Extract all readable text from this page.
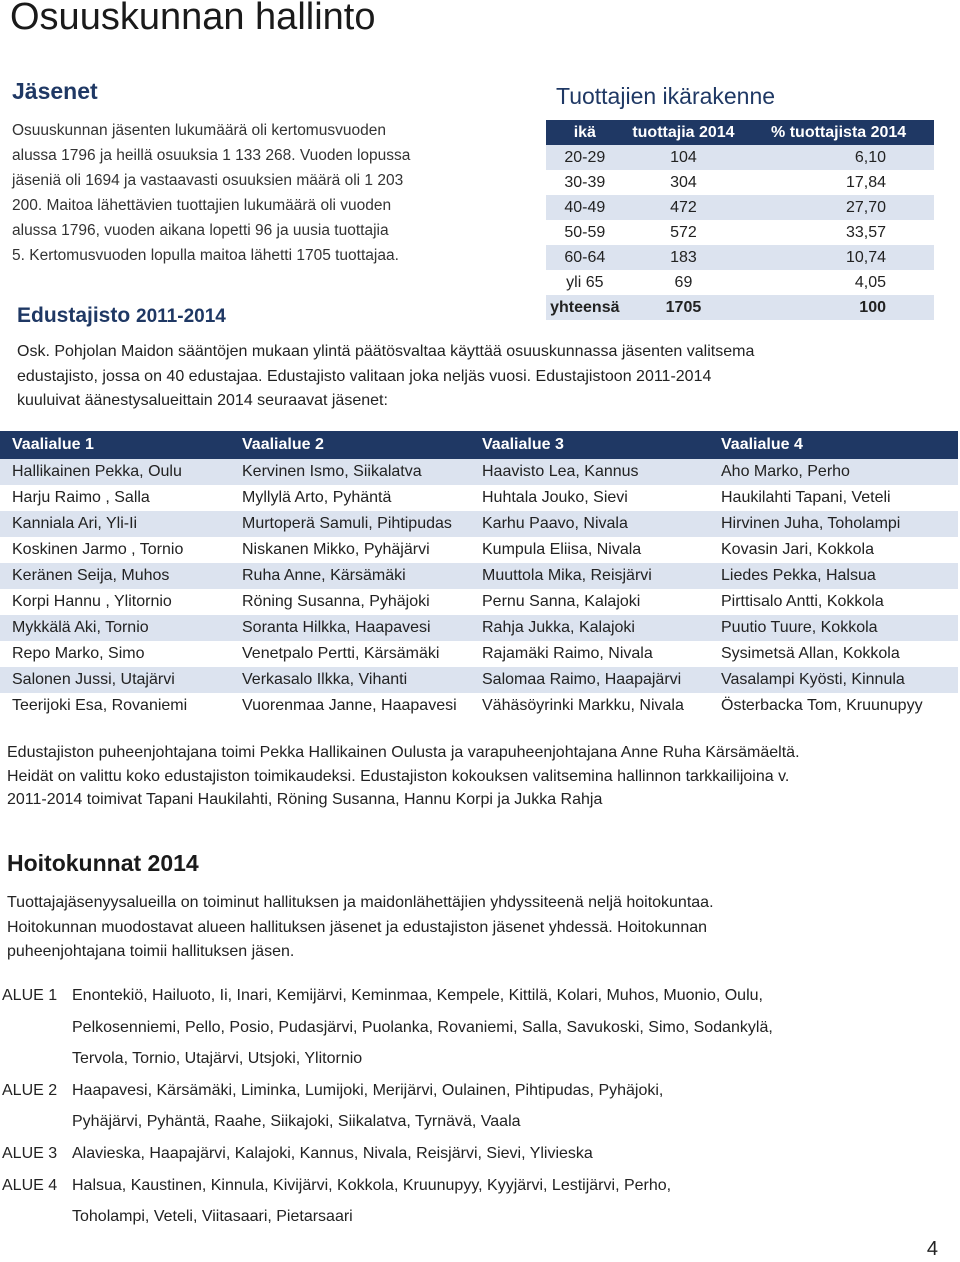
Osuuskunnan hallinto
Jäsenet
Osuuskunnan jäsenten lukumäärä oli kertomusvuoden
alussa 1796 ja heillä osuuksia 1 133 268. Vuoden lopussa
jäseniä oli 1694 ja vastaavasti osuuksien määrä oli 1 203
200. Maitoa lähettävien tuottajien lukumäärä oli vuoden
alussa 1796, vuoden aikana lopetti 96 ja uusia tuottajia
5. Kertomusvuoden lopulla maitoa lähetti 1705 tuottajaa.
Tuottajien ikärakenne
ikä	tuottajia 2014	% tuottajista 2014
20-29	104	6,10
30-39	304	17,84
40-49	472	27,70
50-59	572	33,57
60-64	183	10,74
yli 65	69	4,05
yhteensä	1705	100
Edustajisto 2011-2014
Osk. Pohjolan Maidon sääntöjen mukaan ylintä päätösvaltaa käyttää osuuskunnassa jäsenten valitsema
edustajisto, jossa on 40 edustajaa. Edustajisto valitaan joka neljäs vuosi. Edustajistoon 2011-2014
kuuluivat äänestysalueittain 2014 seuraavat jäsenet:
Vaalialue 1	Vaalialue 2	Vaalialue 3	Vaalialue 4
Hallikainen Pekka, Oulu	Kervinen Ismo, Siikalatva	Haavisto Lea, Kannus	Aho Marko, Perho
Harju Raimo , Salla	Myllylä Arto, Pyhäntä	Huhtala Jouko, Sievi	Haukilahti Tapani, Veteli
Kanniala Ari, Yli-Ii	Murtoperä Samuli, Pihtipudas	Karhu Paavo, Nivala	Hirvinen Juha, Toholampi
Koskinen Jarmo , Tornio	Niskanen Mikko, Pyhäjärvi	Kumpula Eliisa, Nivala	Kovasin Jari, Kokkola
Keränen Seija, Muhos	Ruha Anne, Kärsämäki	Muuttola Mika, Reisjärvi	Liedes Pekka, Halsua
Korpi Hannu , Ylitornio	Röning Susanna, Pyhäjoki	Pernu Sanna, Kalajoki	Pirttisalo Antti, Kokkola
Mykkälä Aki, Tornio	Soranta Hilkka, Haapavesi	Rahja Jukka, Kalajoki	Puutio Tuure, Kokkola
Repo Marko, Simo	Venetpalo Pertti, Kärsämäki	Rajamäki Raimo, Nivala	Sysimetsä Allan, Kokkola
Salonen Jussi, Utajärvi	Verkasalo Ilkka, Vihanti	Salomaa Raimo, Haapajärvi	Vasalampi Kyösti, Kinnula
Teerijoki Esa, Rovaniemi	Vuorenmaa Janne, Haapavesi	Vähäsöyrinki Markku, Nivala	Österbacka Tom, Kruunupyy
Edustajiston puheenjohtajana toimi Pekka Hallikainen Oulusta ja varapuheenjohtajana Anne Ruha Kärsämäeltä.
Heidät on valittu koko edustajiston toimikaudeksi. Edustajiston kokouksen valitsemina hallinnon tarkkailijoina v.
2011-2014 toimivat Tapani Haukilahti, Röning Susanna, Hannu Korpi ja Jukka Rahja
Hoitokunnat 2014
Tuottajajäsenyysalueilla on toiminut hallituksen ja maidonlähettäjien yhdyssiteenä neljä hoitokuntaa.
Hoitokunnan muodostavat alueen hallituksen jäsenet ja edustajiston jäsenet yhdessä. Hoitokunnan
puheenjohtajana toimii hallituksen jäsen.
ALUE 1 Enontekiö, Hailuoto, Ii, Inari, Kemijärvi, Keminmaa, Kempele, Kittilä, Kolari, Muhos, Muonio, Oulu,
Pelkosenniemi, Pello, Posio, Pudasjärvi, Puolanka, Rovaniemi, Salla, Savukoski, Simo, Sodankylä,
Tervola, Tornio, Utajärvi, Utsjoki, Ylitornio
ALUE 2 Haapavesi, Kärsämäki, Liminka, Lumijoki, Merijärvi, Oulainen, Pihtipudas, Pyhäjoki,
Pyhäjärvi, Pyhäntä, Raahe, Siikajoki, Siikalatva, Tyrnävä, Vaala
ALUE 3 Alavieska, Haapajärvi, Kalajoki, Kannus, Nivala, Reisjärvi, Sievi, Ylivieska
ALUE 4 Halsua, Kaustinen, Kinnula, Kivijärvi, Kokkola, Kruunupyy, Kyyjärvi, Lestijärvi, Perho,
Toholampi, Veteli, Viitasaari, Pietarsaari
4
